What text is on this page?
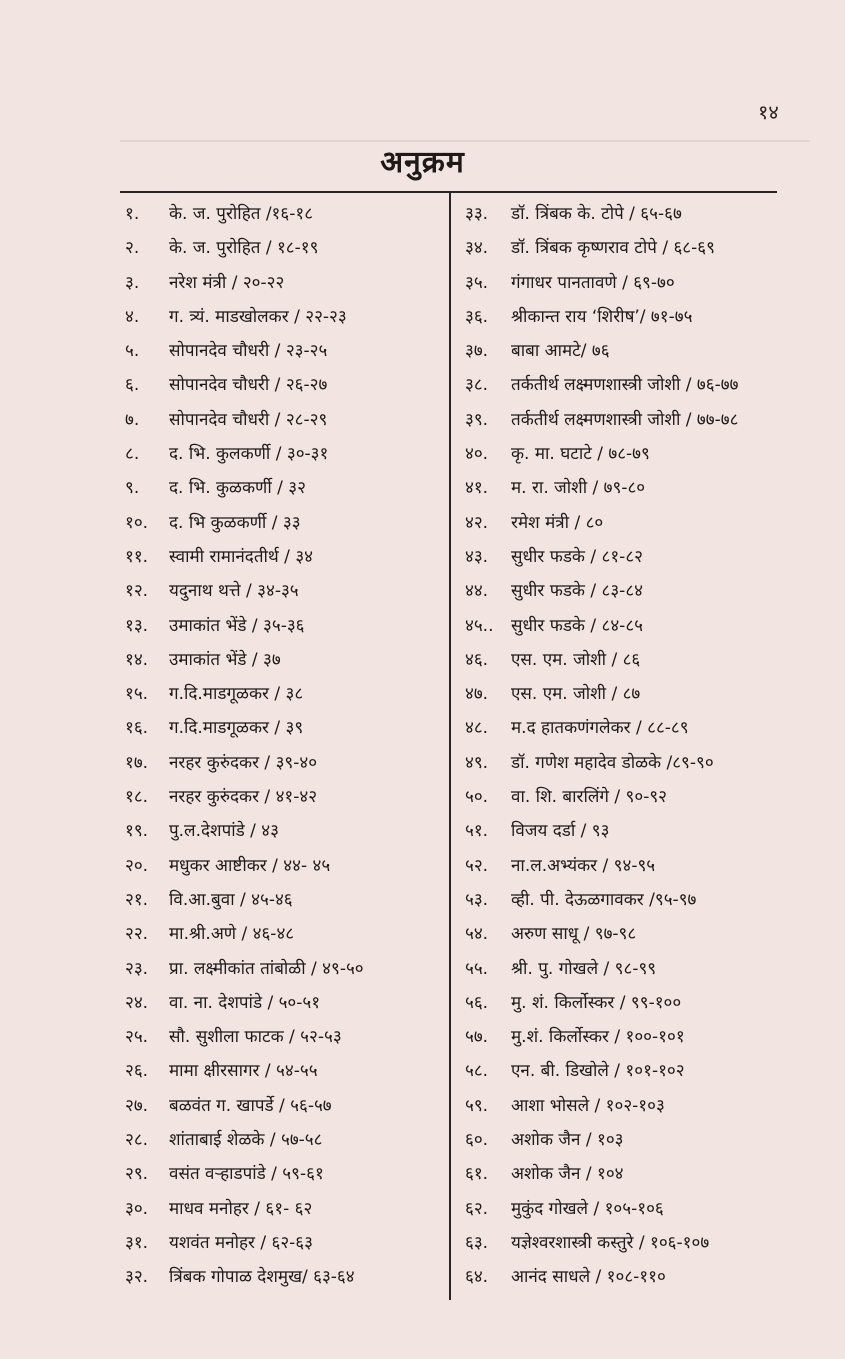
१४
अनुक्रम
१. के. ज. पुरोहित /१६-१८
२. के. ज. पुरोहित / १८-१९
३. नरेश मंत्री / २०-२२
४. ग. त्र्यं. माडखोलकर / २२-२३
५. सोपानदेव चौधरी / २३-२५
६. सोपानदेव चौधरी / २६-२७
७. सोपानदेव चौधरी / २८-२९
८. द. भि. कुलकर्णी / ३०-३१
९. द. भि. कुळकर्णी / ३२
१०. द. भि कुळकर्णी / ३३
११. स्वामी रामानंदतीर्थ / ३४
१२. यदुनाथ थत्ते / ३४-३५
१३. उमाकांत भेंडे / ३५-३६
१४. उमाकांत भेंडे / ३७
१५. ग.दि.माडगूळकर / ३८
१६. ग.दि.माडगूळकर / ३९
१७. नरहर कुरुंदकर / ३९-४०
१८. नरहर कुरुंदकर / ४१-४२
१९. पु.ल.देशपांडे / ४३
२०. मधुकर आष्टीकर / ४४- ४५
२१. वि.आ.बुवा / ४५-४६
२२. मा.श्री.अणे / ४६-४८
२३. प्रा. लक्ष्मीकांत तांबोळी / ४९-५०
२४. वा. ना. देशपांडे / ५०-५१
२५. सौ. सुशीला फाटक / ५२-५३
२६. मामा क्षीरसागर / ५४-५५
२७. बळवंत ग. खापर्डे / ५६-५७
२८. शांताबाई शेळके / ५७-५८
२९. वसंत वऱ्हाडपांडे / ५९-६१
३०. माधव मनोहर / ६१- ६२
३१. यशवंत मनोहर / ६२-६३
३२. त्रिंबक गोपाळ देशमुख/ ६३-६४
३३. डॉ. त्रिंबक के. टोपे / ६५-६७
३४. डॉ. त्रिंबक कृष्णराव टोपे / ६८-६९
३५. गंगाधर पानतावणे / ६९-७०
३६. श्रीकान्त राय ‘शिरीष’/ ७१-७५
३७. बाबा आमटे/ ७६
३८. तर्कतीर्थ लक्ष्मणशास्त्री जोशी / ७६-७७
३९. तर्कतीर्थ लक्ष्मणशास्त्री जोशी / ७७-७८
४०. कृ. मा. घटाटे / ७८-७९
४१. म. रा. जोशी / ७९-८०
४२. रमेश मंत्री / ८०
४३. सुधीर फडके / ८१-८२
४४. सुधीर फडके / ८३-८४
४५.. सुधीर फडके / ८४-८५
४६. एस. एम. जोशी / ८६
४७. एस. एम. जोशी / ८७
४८. म.द हातकणंगलेकर / ८८-८९
४९. डॉ. गणेश महादेव डोळके /८९-९०
५०. वा. शि. बारलिंगे / ९०-९२
५१. विजय दर्डा / ९३
५२. ना.ल.अभ्यंकर / ९४-९५
५३. व्ही. पी. देऊळगावकर /९५-९७
५४. अरुण साधू / ९७-९८
५५. श्री. पु. गोखले / ९८-९९
५६. मु. शं. किर्लोस्कर / ९९-१००
५७. मु.शं. किर्लोस्कर / १००-१०१
५८. एन. बी. डिखोले / १०१-१०२
५९. आशा भोसले / १०२-१०३
६०. अशोक जैन / १०३
६१. अशोक जैन / १०४
६२. मुकुंद गोखले / १०५-१०६
६३. यज्ञेश्वरशास्त्री कस्तुरे / १०६-१०७
६४. आनंद साधले / १०८-११०
